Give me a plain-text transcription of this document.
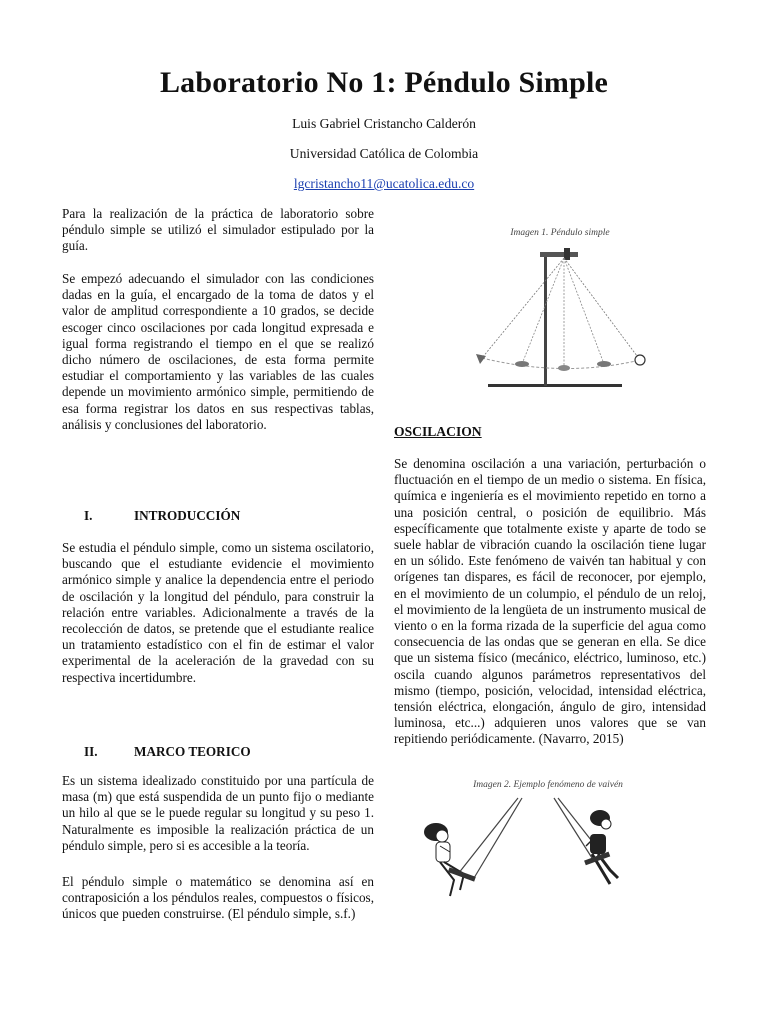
Laboratorio No 1: Péndulo Simple
Luis Gabriel Cristancho Calderón
Universidad Católica de Colombia
lgcristancho11@ucatolica.edu.co

Para la realización de la práctica de laboratorio sobre péndulo simple se utilizó el simulador estipulado por la guía.

Se empezó adecuando el simulador con las condiciones dadas en la guía, el encargado de la toma de datos y el valor de amplitud correspondiente a 10 grados, se decide escoger cinco oscilaciones por cada longitud expresada e igual forma registrando el tiempo en el que se realizó dicho número de oscilaciones, de esta forma permite estudiar el comportamiento y las variables de las cuales depende un movimiento armónico simple, permitiendo de esa forma registrar los datos en sus respectivas tablas, análisis y conclusiones del laboratorio.

I.	INTRODUCCIÓN

Se estudia el péndulo simple, como un sistema oscilatorio, buscando que el estudiante evidencie el movimiento armónico simple y analice la dependencia entre el periodo de oscilación y la longitud del péndulo, para construir la relación entre variables. Adicionalmente a través de la recolección de datos, se pretende que el estudiante realice un tratamiento estadístico con el fin de estimar el valor experimental de la aceleración de la gravedad con su respectiva incertidumbre.

II.	MARCO TEORICO

Es un sistema idealizado constituido por una partícula de masa (m) que está suspendida de un punto fijo o mediante un hilo al que se le puede regular su longitud y su peso 1. Naturalmente es imposible la realización práctica de un péndulo simple, pero si es accesible a la teoría.

El péndulo simple o matemático se denomina así en contraposición a los péndulos reales, compuestos o físicos, únicos que pueden construirse. (El péndulo simple, s.f.)

Imagen 1. Péndulo simple
OSCILACION

Se denomina oscilación a una variación, perturbación o fluctuación en el tiempo de un medio o sistema. En física, química e ingeniería es el movimiento repetido en torno a una posición central, o posición de equilibrio. Más específicamente que totalmente existe y aparte de todo se suele hablar de vibración cuando la oscilación tiene lugar en un sólido. Este fenómeno de vaivén tan habitual y con orígenes tan dispares, es fácil de reconocer, por ejemplo, en el movimiento de un columpio, el péndulo de un reloj, el movimiento de la lengüeta de un instrumento musical de viento o en la forma rizada de la superficie del agua como consecuencia de las ondas que se generan en ella. Se dice que un sistema físico (mecánico, eléctrico, luminoso, etc.) oscila cuando algunos parámetros representativos del mismo (tiempo, posición, velocidad, intensidad eléctrica, tensión eléctrica, elongación, ángulo de giro, intensidad luminosa, etc...) adquieren unos valores que se van repitiendo periódicamente. (Navarro, 2015)

Imagen 2. Ejemplo fenómeno de vaivén
